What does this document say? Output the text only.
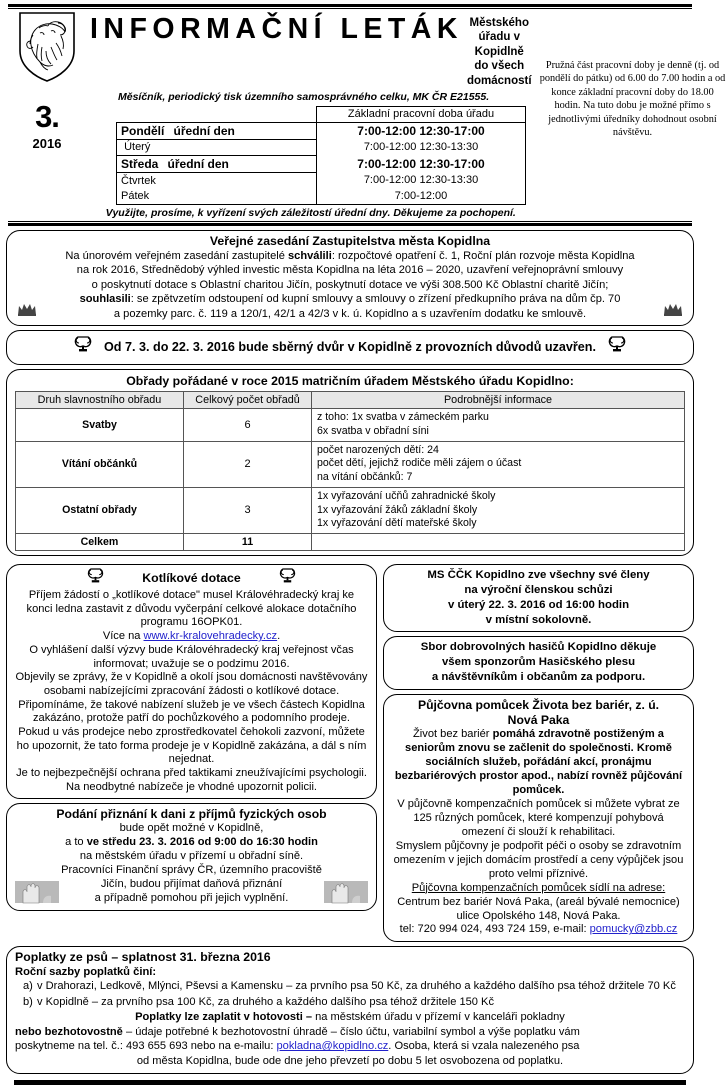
3.
2016
INFORMAČNÍ LETÁK Městského úřadu v Kopidlně
do všech domácností
Měsíčník, periodický tisk územního samosprávného celku, MK ČR E21555.
	Základní pracovní doba úřadu
Pondělí úřední den	7:00-12:00 12:30-17:00
Úterý	7:00-12:00 12:30-13:30
Středa úřední den	7:00-12:00 12:30-17:00
Čtvrtek	7:00-12:00 12:30-13:30
Pátek	7:00-12:00
Využijte, prosíme, k vyřízení svých záležitostí úřední dny. Děkujeme za pochopení.
Pružná část pracovní doby je denně (tj. od pondělí do pátku) od 6.00 do 7.00 hodin a od konce základní pracovní doby do 18.00 hodin. Na tuto dobu je možné přímo s jednotlivými úředníky dohodnout osobní návštěvu.
Veřejné zasedání Zastupitelstva města Kopidlna
Na únorovém veřejném zasedání zastupitelé schválili: rozpočtové opatření č. 1, Roční plán rozvoje města Kopidlna
na rok 2016, Střednědobý výhled investic města Kopidlna na léta 2016 – 2020, uzavření veřejnoprávní smlouvy
o poskytnutí dotace s Oblastní charitou Jičín, poskytnutí dotace ve výši 308.500 Kč Oblastní charitě Jičín;
souhlasili: se zpětvzetím odstoupení od kupní smlouvy a smlouvy o zřízení předkupního práva na dům čp. 70
a pozemky parc. č. 119 a 120/1, 42/1 a 42/3 v k. ú. Kopidlno a s uzavřením dodatku ke smlouvě.
Od 7. 3. do 22. 3. 2016 bude sběrný dvůr v Kopidlně z provozních důvodů uzavřen.
Obřady pořádané v roce 2015 matričním úřadem Městského úřadu Kopidlno:
Druh slavnostního obřadu	Celkový počet obřadů	Podrobnější informace
Svatby	6	z toho: 1x svatba v zámeckém parku
6x svatba v obřadní síni

Vítání občánků	2	počet narozených dětí: 24
počet dětí, jejichž rodiče měli zájem o účast
na vítání občánků: 7

Ostatní obřady	3	1x vyřazování učňů zahradnické školy
1x vyřazování žáků základní školy
1x vyřazování dětí mateřské školy

Celkem	11	
Kotlíkové dotace

Příjem žádostí o „kotlíkové dotace" musel Královéhradecký kraj ke konci ledna zastavit z důvodu vyčerpání celkové alokace dotačního programu 16OPK01.

Více na www.kr-kralovehradecky.cz.

O vyhlášení další výzvy bude Královéhradecký kraj veřejnost včas informovat; uvažuje se o podzimu 2016.

Objevily se zprávy, že v Kopidlně a okolí jsou domácnosti navštěvovány osobami nabízejícími zpracování žádosti o kotlíkové dotace. Připomínáme, že takové nabízení služeb je ve všech částech Kopidlna zakázáno, protože patří do pochůzkového a podomního prodeje.

Pokud u vás prodejce nebo zprostředkovatel čehokoli zazvoní, můžete ho upozornit, že tato forma prodeje je v Kopidlně zakázána, a dál s ním nejednat.

Je to nejbezpečnější ochrana před taktikami zneužívajícími psychologii. Na neodbytné nabízeče je vhodné upozornit policii.

Podání přiznání k dani z příjmů fyzických osob

bude opět možné v Kopidlně,

a to ve středu 23. 3. 2016 od 9:00 do 16:30 hodin

na městském úřadu v přízemí u obřadní síně.

Pracovníci Finanční správy ČR, územního pracoviště

Jičín, budou přijímat daňová přiznání

a případně pomohou při jejich vyplnění.

MS ČČK Kopidlno zve všechny své členy

na výroční členskou schůzi

v úterý 22. 3. 2016 od 16:00 hodin

v místní sokolovně.

Sbor dobrovolných hasičů Kopidlno děkuje

všem sponzorům Hasičského plesu

a návštěvníkům i občanům za podporu.

Půjčovna pomůcek Života bez bariér, z. ú.
Nová Paka

Život bez bariér pomáhá zdravotně postiženým a seniorům znovu se začlenit do společnosti. Kromě sociálních služeb, pořádání akcí, pronájmu bezbariérových prostor apod., nabízí rovněž půjčování pomůcek.

V půjčovně kompenzačních pomůcek si můžete vybrat ze 125 různých pomůcek, které kompenzují pohybová omezení či slouží k rehabilitaci.

Smyslem půjčovny je podpořit péči o osoby se zdravotním omezením v jejich domácím prostředí a ceny výpůjček jsou proto velmi příznivé.

Půjčovna kompenzačních pomůcek sídlí na adrese:

Centrum bez bariér Nová Paka, (areál bývalé nemocnice)

ulice Opolského 148, Nová Paka.

tel: 720 994 024, 493 724 159, e-mail: pomucky@zbb.cz

Poplatky ze psů – splatnost 31. března 2016
Roční sazby poplatků činí:
a) v Drahorazi, Ledkově, Mlýnci, Pševsi a Kamensku – za prvního psa 50 Kč, za druhého a každého dalšího psa téhož držitele 70 Kč
b) v Kopidlně – za prvního psa 100 Kč, za druhého a každého dalšího psa téhož držitele 150 Kč
Poplatky lze zaplatit v hotovosti – na městském úřadu v přízemí v kanceláři pokladny
nebo bezhotovostně – údaje potřebné k bezhotovostní úhradě – číslo účtu, variabilní symbol a výše poplatku vám
poskytneme na tel. č.: 493 655 693 nebo na e-mailu: pokladna@kopidlno.cz. Osoba, která si vzala nalezeného psa
od města Kopidlna, bude ode dne jeho převzetí po dobu 5 let osvobozena od poplatku.
